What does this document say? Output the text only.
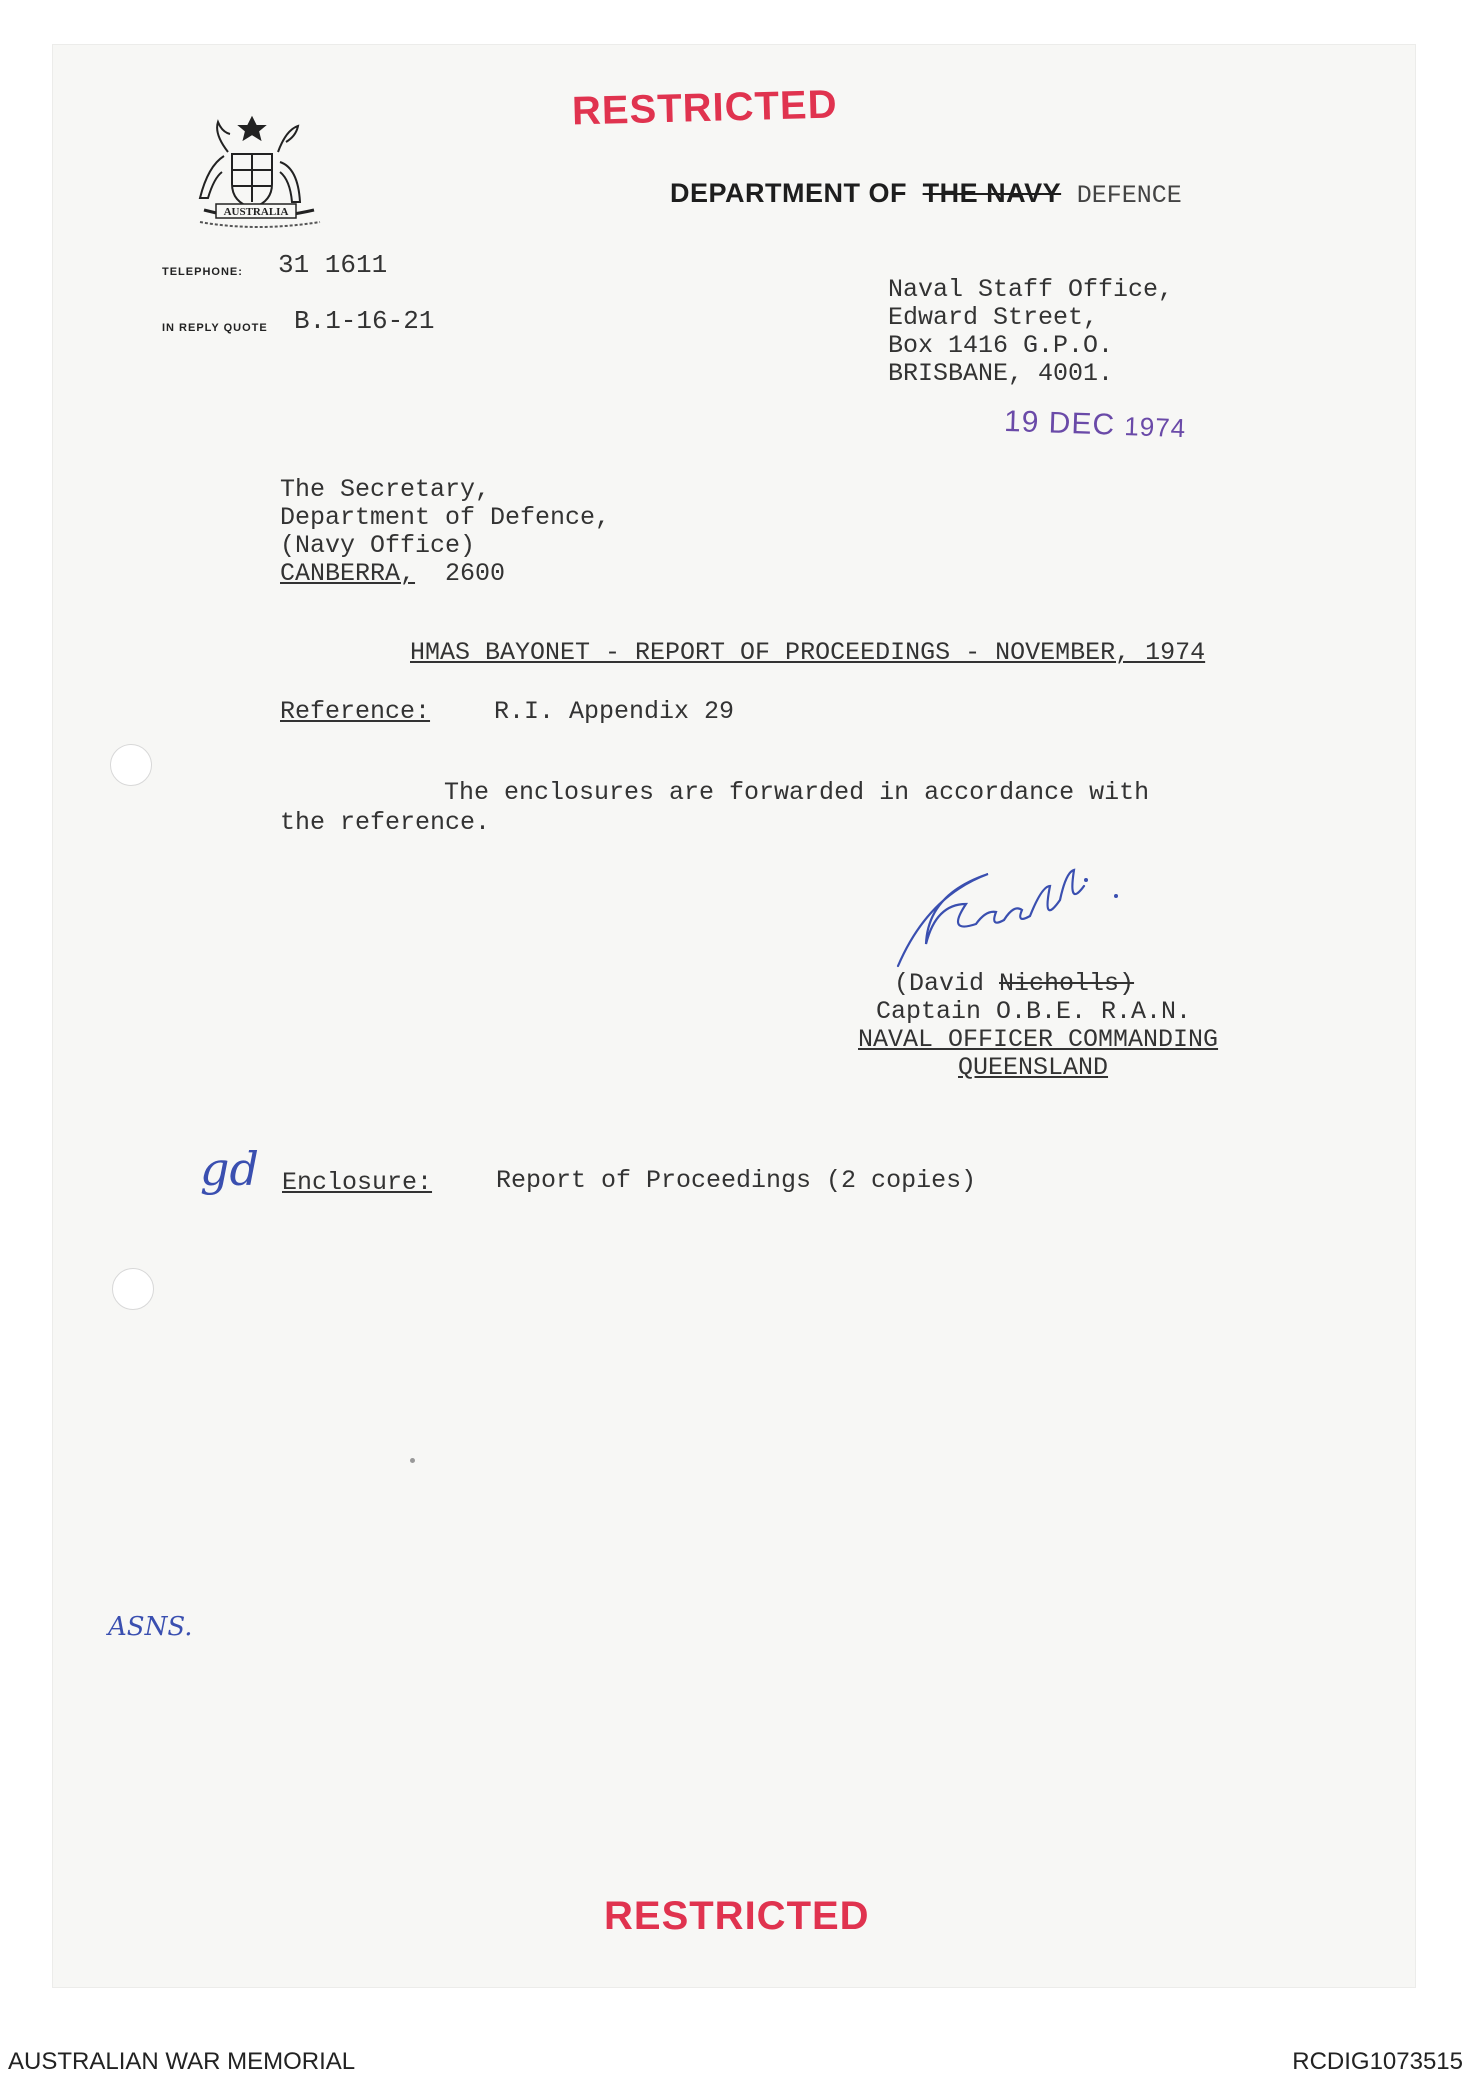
RESTRICTED
AUSTRALIA
DEPARTMENT OF THE NAVY DEFENCE
TELEPHONE: 31 1611
IN REPLY QUOTE B.1-16-21
Naval Staff Office,
Edward Street,
Box 1416 G.P.O.
BRISBANE, 4001.
19 DEC 1974
The Secretary,
Department of Defence,
(Navy Office)
CANBERRA, 2600
HMAS BAYONET - REPORT OF PROCEEDINGS - NOVEMBER, 1974
Reference:	R.I. Appendix 29
The enclosures are forwarded in accordance with
the reference.
(David Nicholls)
Captain O.B.E. R.A.N.
NAVAL OFFICER COMMANDING
QUEENSLAND
gd Enclosure:	Report of Proceedings (2 copies)
ASNS.
RESTRICTED
AUSTRALIAN WAR MEMORIAL	RCDIG1073515
